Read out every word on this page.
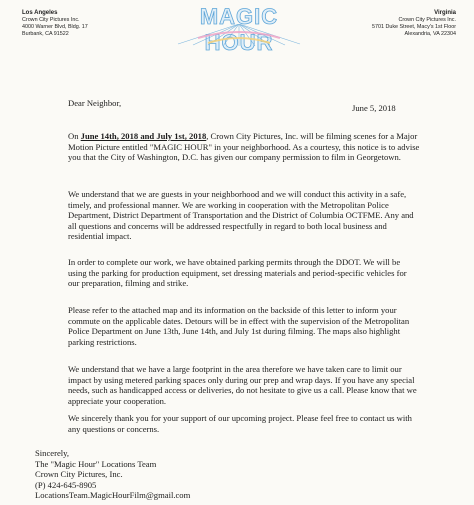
Los Angeles
Crown City Pictures Inc.
4000 Warner Blvd, Bldg. 17
Burbank, CA 91522
MAGIC HOUR
Virginia
Crown City Pictures Inc.
5701 Duke Street, Macy's 1st Floor
Alexandria, VA 22304
Dear Neighbor,	June 5, 2018

On June 14th, 2018 and July 1st, 2018, Crown City Pictures, Inc. will be filming scenes for a Major Motion Picture entitled "MAGIC HOUR" in your neighborhood. As a courtesy, this notice is to advise you that the City of Washington, D.C. has given our company permission to film in Georgetown.

We understand that we are guests in your neighborhood and we will conduct this activity in a safe, timely, and professional manner. We are working in cooperation with the Metropolitan Police Department, District Department of Transportation and the District of Columbia OCTFME. Any and all questions and concerns will be addressed respectfully in regard to both local business and residential impact.

In order to complete our work, we have obtained parking permits through the DDOT. We will be using the parking for production equipment, set dressing materials and period-specific vehicles for our preparation, filming and strike.

Please refer to the attached map and its information on the backside of this letter to inform your commute on the applicable dates. Detours will be in effect with the supervision of the Metropolitan Police Department on June 13th, June 14th, and July 1st during filming. The maps also highlight parking restrictions.

We understand that we have a large footprint in the area therefore we have taken care to limit our impact by using metered parking spaces only during our prep and wrap days. If you have any special needs, such as handicapped access or deliveries, do not hesitate to give us a call. Please know that we appreciate your cooperation.

We sincerely thank you for your support of our upcoming project. Please feel free to contact us with any questions or concerns.

Sincerely,
The "Magic Hour" Locations Team
Crown City Pictures, Inc.
(P) 424-645-8905
LocationsTeam.MagicHourFilm@gmail.com
